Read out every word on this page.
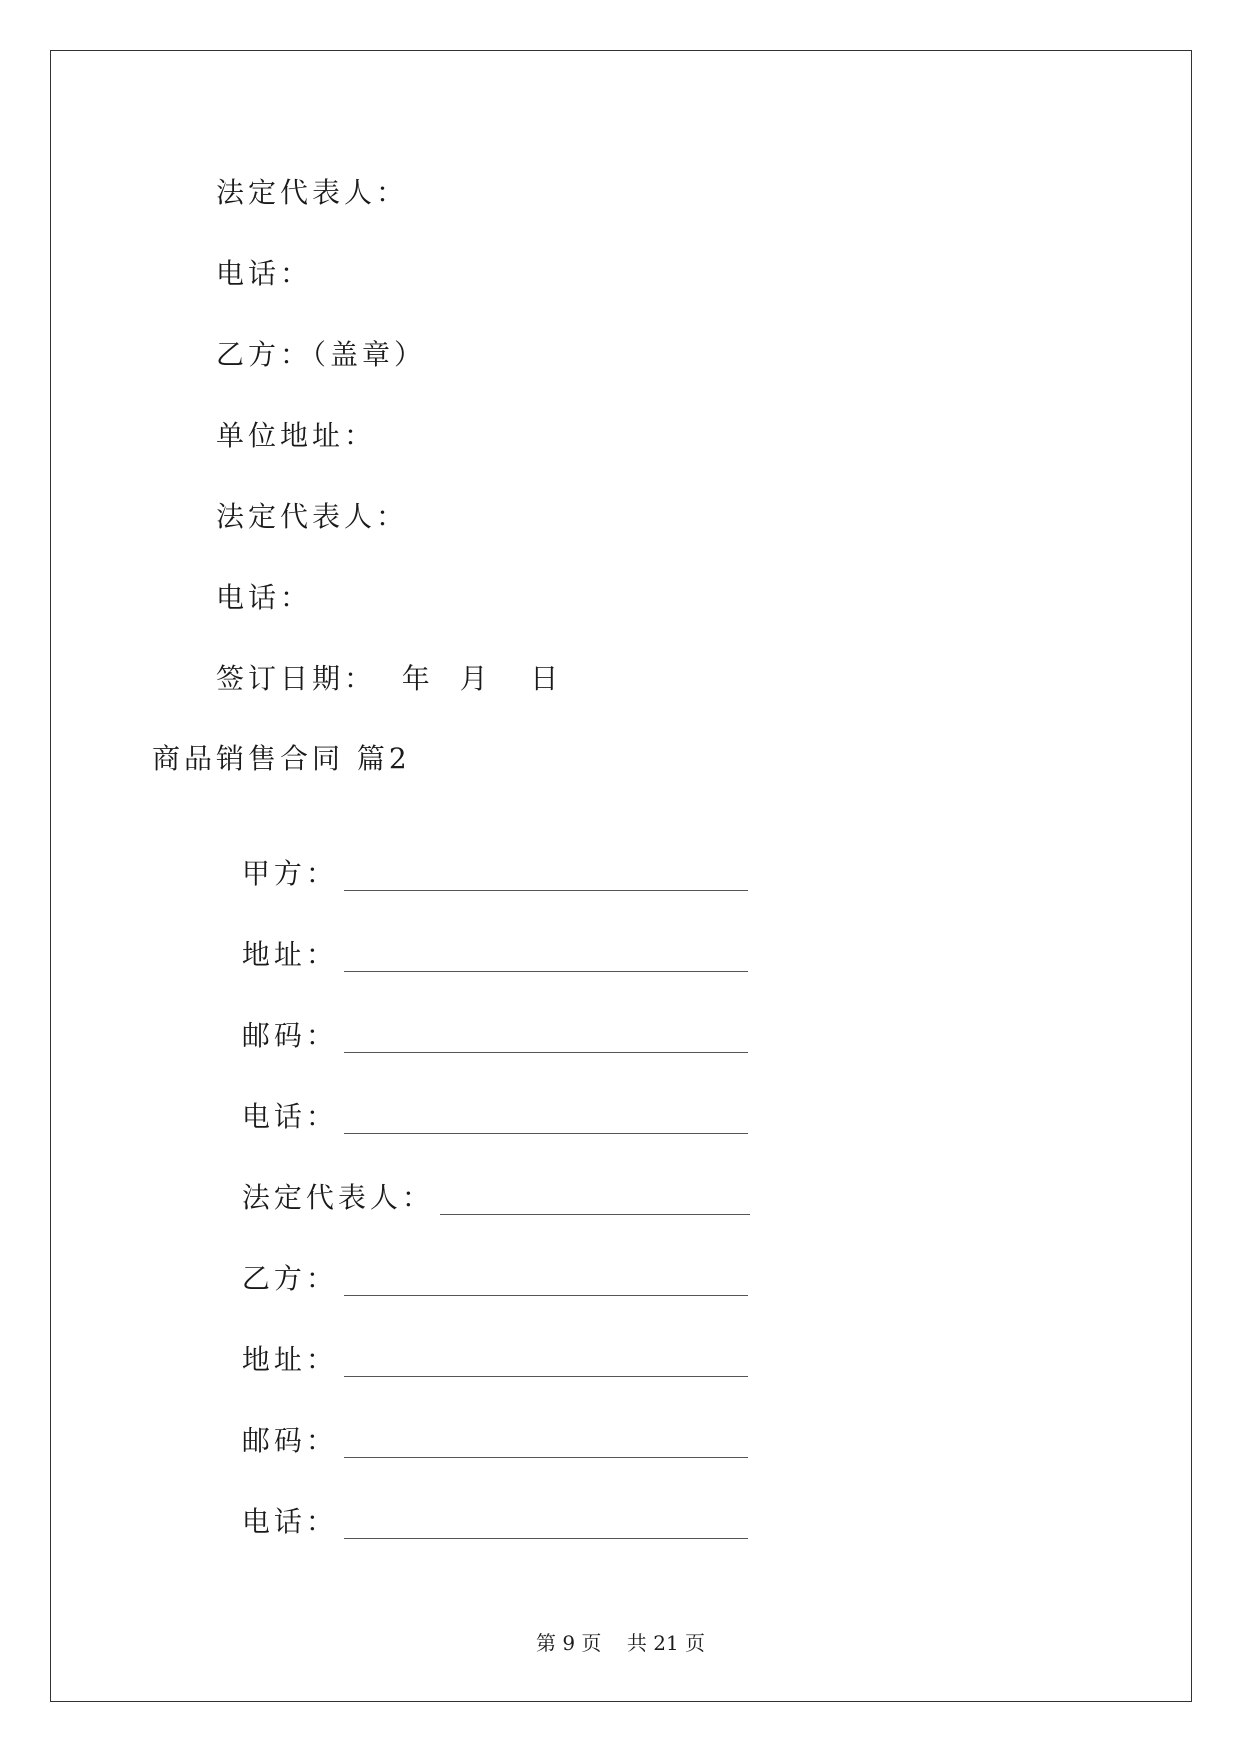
法定代表人：
电话：
乙方：（盖章）
单位地址：
法定代表人：
电话：
签订日期：  年  月   日
商品销售合同 篇2

甲方：

地址：

邮码：

电话：

法定代表人：

乙方：

地址：

邮码：

电话：

第 9 页 共 21 页
